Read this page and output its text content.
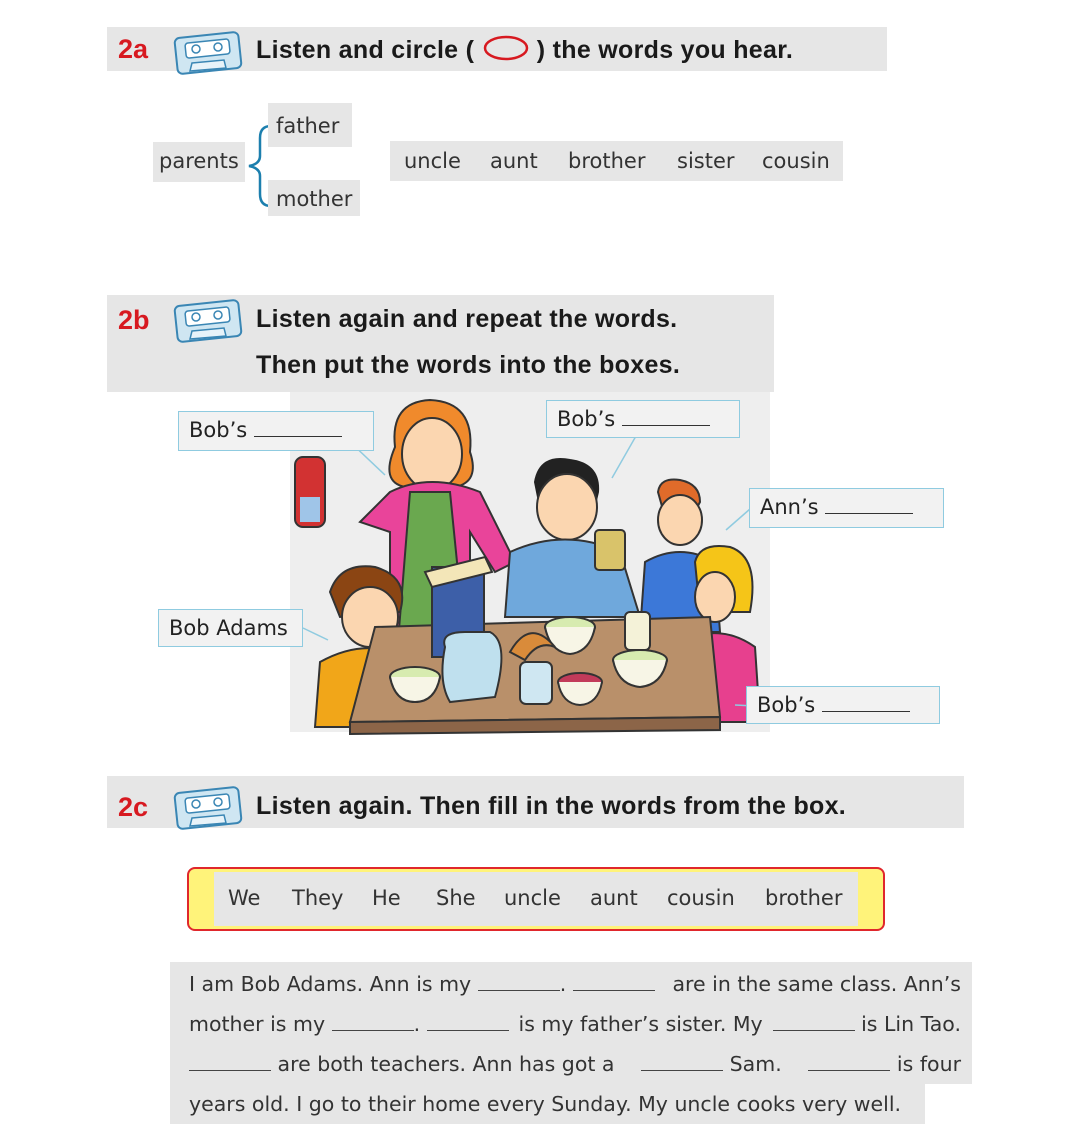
2a	Listen and circle (	) the words you hear.
parents
father
mother
uncle aunt brother sister cousin
2b	Listen again and repeat the words.
Then put the words into the boxes.
Bob’s	Bob’s
Ann’s
Bob Adams
Bob’s
2c	Listen again. Then fill in the words from the box.
We They He She uncle aunt cousin brother
I am Bob Adams. Ann is my	.	are in the same class. Ann’s
mother is my	.	is my father’s sister. My	is Lin Tao.
are both teachers. Ann has got a	Sam.	is four
years old. I go to their home every Sunday. My uncle cooks very well.
